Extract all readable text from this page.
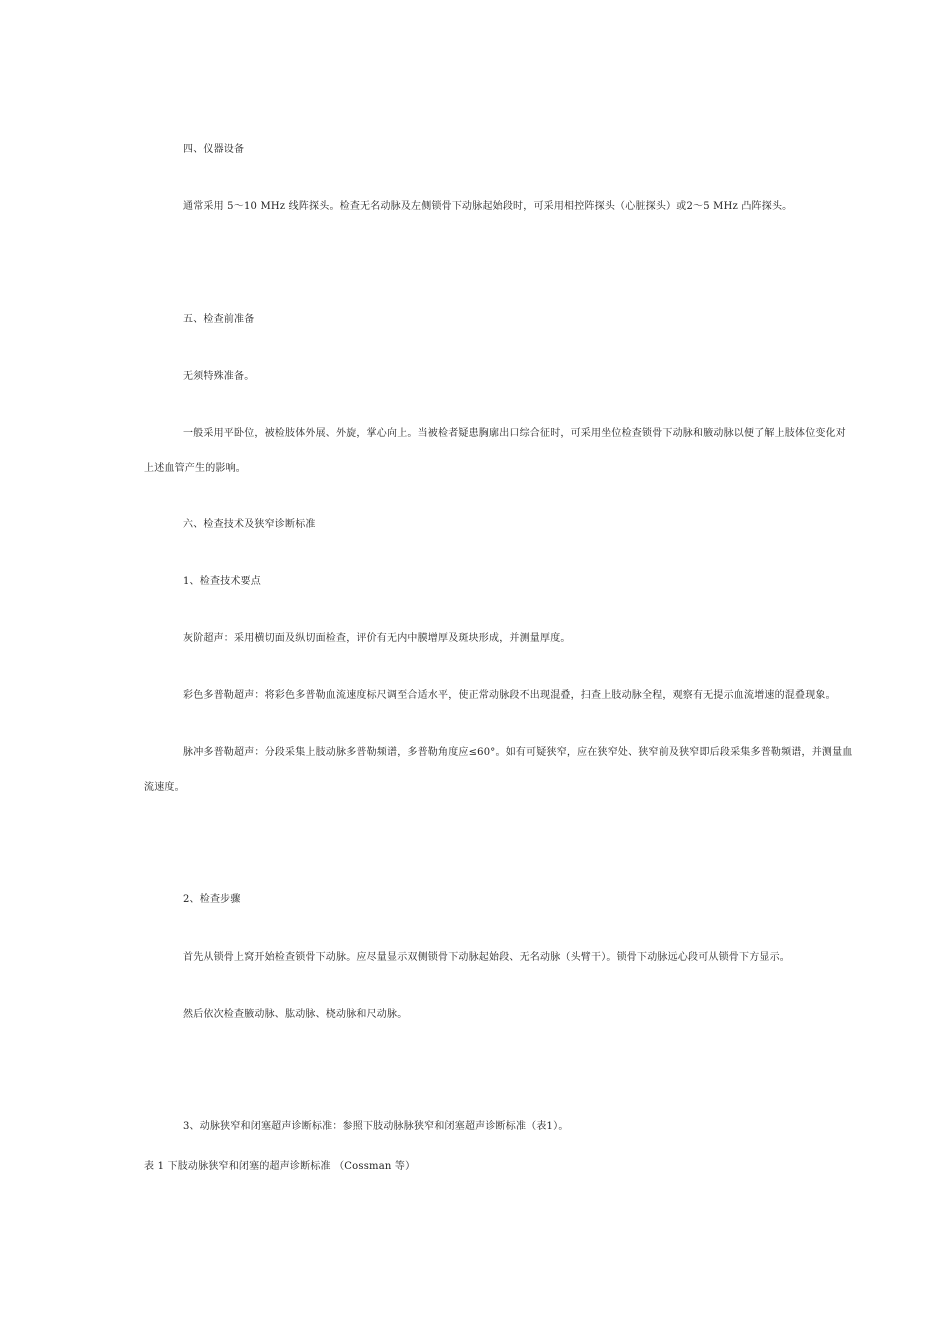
四、仪器设备
通常采用 5～10 MHz 线阵探头。检查无名动脉及左侧锁骨下动脉起始段时，可采用相控阵探头（心脏探头）或2～5 MHz 凸阵探头。
五、检查前准备
无须特殊准备。
一般采用平卧位，被检肢体外展、外旋，掌心向上。当被检者疑患胸廓出口综合征时，可采用坐位检查锁骨下动脉和腋动脉以便了解上肢体位变化对
上述血管产生的影响。
六、检查技术及狭窄诊断标准
1、检查技术要点
灰阶超声：采用横切面及纵切面检查，评价有无内中膜增厚及斑块形成，并测量厚度。
彩色多普勒超声：将彩色多普勒血流速度标尺调至合适水平，使正常动脉段不出现混叠，扫查上肢动脉全程，观察有无提示血流增速的混叠现象。
脉冲多普勒超声：分段采集上肢动脉多普勒频谱，多普勒角度应≤60°。如有可疑狭窄，应在狭窄处、狭窄前及狭窄即后段采集多普勒频谱，并测量血
流速度。
2、检查步骤
首先从锁骨上窝开始检查锁骨下动脉。应尽量显示双侧锁骨下动脉起始段、无名动脉（头臂干）。锁骨下动脉远心段可从锁骨下方显示。
然后依次检查腋动脉、肱动脉、桡动脉和尺动脉。
3、动脉狭窄和闭塞超声诊断标准：参照下肢动脉脉狭窄和闭塞超声诊断标准（表1）。
表 1 下肢动脉狭窄和闭塞的超声诊断标准 （Cossman 等）
